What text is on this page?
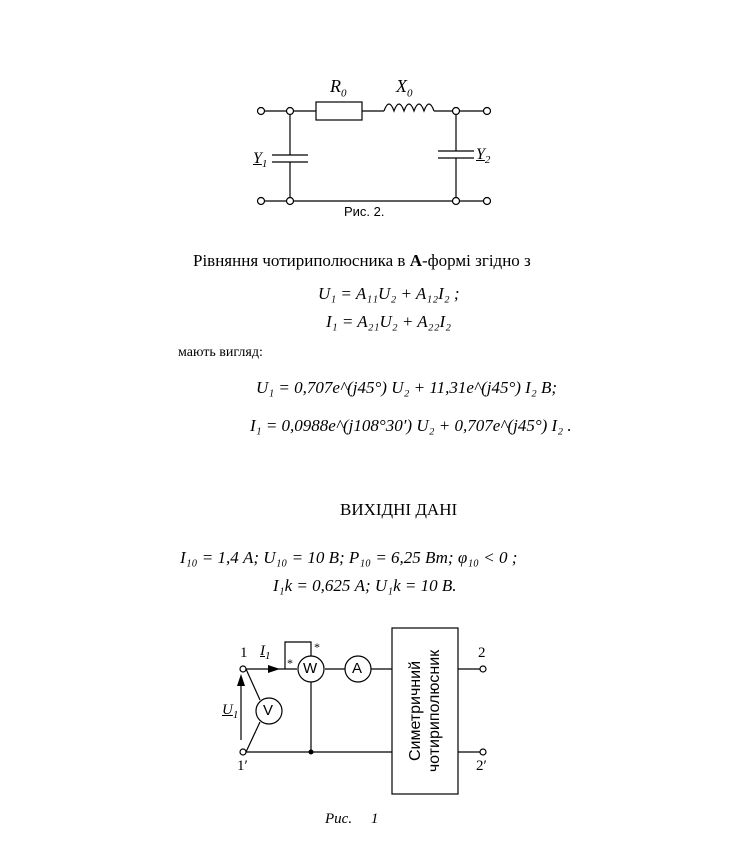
$R_0$	$X_0$
$Y_1$
$Y_2$
Рис. 2.
Рівняння чотириполюсника в А-формі згідно з
U₁ = A₁₁U₂ + A₁₂I₂ ;
I₁ = A₂₁U₂ + A₂₂I₂
мають вигляд:
U₁ = 0,707e^(j45°) U₂ + 11,31e^(j45°) I₂ В;
I₁ = 0,0988e^(j108°30′) U₂ + 0,707e^(j45°) I₂ .
ВИХІДНІ ДАНІ
I₁₀ = 1,4 А; U₁₀ = 10 В; P₁₀ = 6,25 Вт; φ₁₀ < 0 ;
I₁k = 0,625 А; U₁k = 10 В.
1
1′
2
2′
$I_1$
$U_1$
W A
V
*
*
Симетричний чотириполюсник
Рис.     1
